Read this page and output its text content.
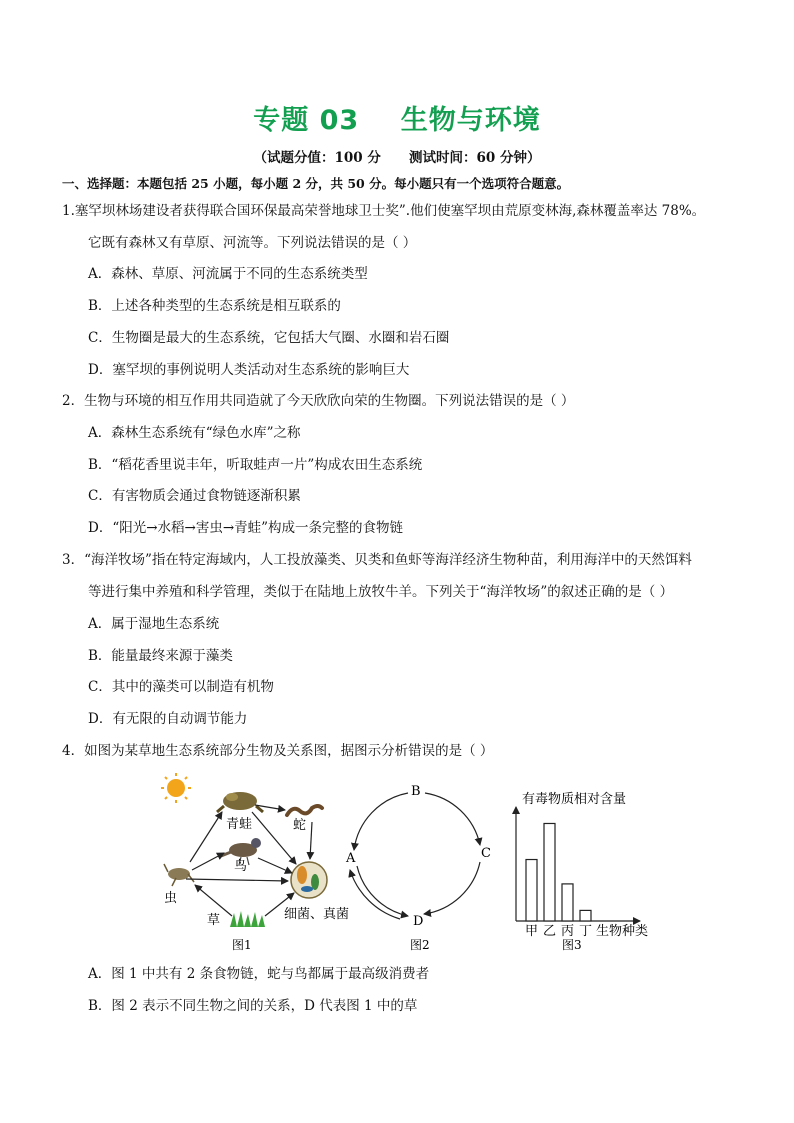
专题 03    生物与环境
（试题分值：100 分      测试时间：60 分钟）
一、选择题：本题包括 25 小题，每小题 2 分，共 50 分。每小题只有一个选项符合题意。
1.塞罕坝林场建设者获得联合国环保最高荣誉地球卫士奖”.他们使塞罕坝由荒原变林海,森林覆盖率达 78%。
它既有森林又有草原、河流等。下列说法错误的是（ ）
A．森林、草原、河流属于不同的生态系统类型
B．上述各种类型的生态系统是相互联系的
C．生物圈是最大的生态系统，它包括大气圈、水圈和岩石圈
D．塞罕坝的事例说明人类活动对生态系统的影响巨大
2．生物与环境的相互作用共同造就了今天欣欣向荣的生物圈。下列说法错误的是（ ）
A．森林生态系统有“绿色水库”之称
B．“稻花香里说丰年，听取蛙声一片”构成农田生态系统
C．有害物质会通过食物链逐渐积累
D．“阳光→水稻→害虫→青蛙”构成一条完整的食物链
3．“海洋牧场”指在特定海域内，人工投放藻类、贝类和鱼虾等海洋经济生物种苗，利用海洋中的天然饵料
等进行集中养殖和科学管理，类似于在陆地上放牧牛羊。下列关于“海洋牧场”的叙述正确的是（ ）
A．属于湿地生态系统
B．能量最终来源于藻类
C．其中的藻类可以制造有机物
D．有无限的自动调节能力
4．如图为某草地生态系统部分生物及关系图，据图示分析错误的是（ ）
青蛙	蛇
鸟
虫
草	细菌、真菌
图1
B
A	C
D
图2
有毒物质相对含量
甲 乙 丙 丁 生物种类
图3
A．图 1 中共有 2 条食物链，蛇与鸟都属于最高级消费者
B．图 2 表示不同生物之间的关系，D 代表图 1 中的草
